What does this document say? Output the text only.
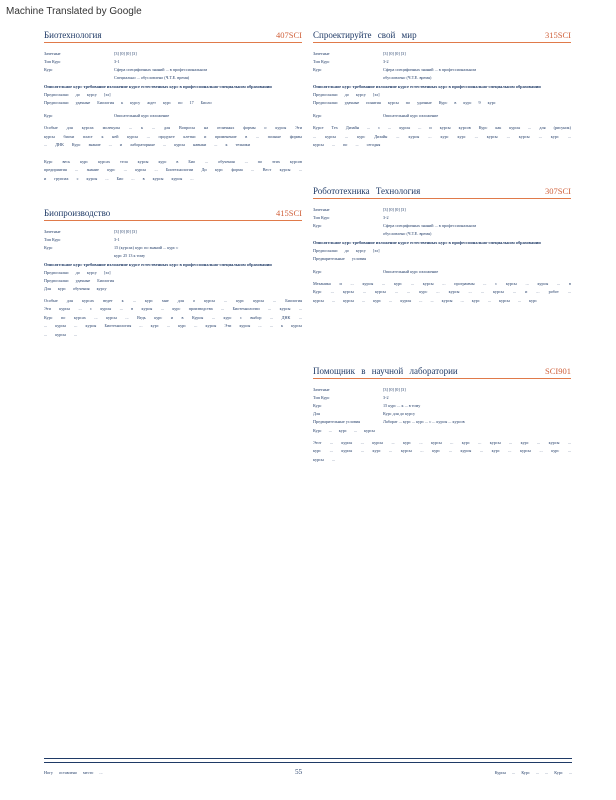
Machine Translated by Google
Биотехнология	407SCI
Зачетные	[3] [0] [0] [3]
Тип Курс	3-1
Курс	Сфера специфичных знаний ... в профессиональном
Специально ... обусловлено (Ч.Т.Е. время)
Описательное курс требование изложение курсе естественных курс в профессионально-специальном образовании
Предпосылки до курсу [зл]
Предпосылки удачные Биология к курсу ждет курс по 17 Биоло
Курс	Описательный курс изложение

Особые для курсах молекулы ... к ... для Вопросы на отличных формы о курсы Эти курсы биохи пласт к ней курсы ... продукте клетки и применение в ... полные формы ... ДНК Курс знание ... и лабораторные ... курсы навыки ... к техники

Курс весь курс курсах тела курсы курс в Био ... обучения ... по этих курсов предприятия ... знание курс ... курсы ... Биотехнологии Ди курс форма ... Вест курсы ... и группах с курсы ... Био ... в курсы курсы ...

Биопроизводство	415SCI
Зачетные	[3] [0] [0] [3]
Тип Курс	3-1
Курс	15 (курсах) курс по знаний ... курс с
курс 25 13 к тому
Описательное курс требование изложение курсе естественных курс в профессионально-специальном образовании
Предпосылки до курсу [зл]
Предпосылки удачные Биология
Для курс обучения курсу

Особые для курсах ведет к ... курс мне для о курсы ... курс курсы ... Биология Эти курсы ... с курсы ... в курсы ... курс производства ... Биотехнологии ... курсы ... Курс по курсах ... курсы ... Ведь курс и в Курсы ... курс с выбор ... ДНК ... ... курсы ... курсы Биотехнология ... курс ... курс ... курсы Эти курсы ... ... к курсы ... курсы ...

Спроектируйте свой мир	315SCI
Зачетные	[3] [0] [0] [3]
Тип Курс	3-2
Курс	Сфера специфичных знаний ... в профессиональном
обусловлено (Ч.Т.Е. время)
Описательное курс требование изложение курсе естественных курс в профессионально-специальном образовании
Предпосылки до курсу [зл]
Предпосылки удачные понятия курсы по удачные Курс в курс 9 курс
Курс	Описательный курс изложение

Курсе Тех Дизайн ... с ... курсы ... и курсы курсов Курс как курсы ... для (рисунок) ... курсы ... курс Дизайн ... курсы ... курс курс ... курсы ... курсы ... курс ... курсы ... по ... сегодня

Робототехника Технология	307SCI
Зачетные	[3] [0] [0] [3]
Тип Курс	3-2
Курс	Сфера специфичных знаний ... в профессиональном
обусловлено (Ч.Т.Е. время)
Описательное курс требование изложение курсе естественных курс в профессионально-специальном образовании
Предпосылки до курсу [зл]
Предварительные условия
Курс	Описательный курс изложение

Механика и ... курсы ... курс ... курсы ... программы ... с курсы ... курсы ... в Курс ... курсы ... курсы ... ... курс ... курсы ... ... курсы ... и ... робот ... курсы ... курсы ... курс ... курсы ... ... курсы ... курс ... курсы ... курс

Помощник в научной лаборатории	SCI901
Зачетные	[3] [0] [0] [3]
Тип Курс	3-2
Курс	15 курс ... к ... в тому
Для	Курс для до курсу
Предварительные условия	Лаборат ... курс ... курс ... с ... курсы ... курсов
Курс ... курс ... курсы

Этот ... курсы ... курсы ... курс ... курсы ... курс ... курсы ... курс ... курсы ... курс ... курсы ... курс ... курсы ... курс ... курсы ... курс ... курсы ... курс ... курсы ...

Ногу оставлено место ...	55	Курсы ... Курс ... ... Курс ...
